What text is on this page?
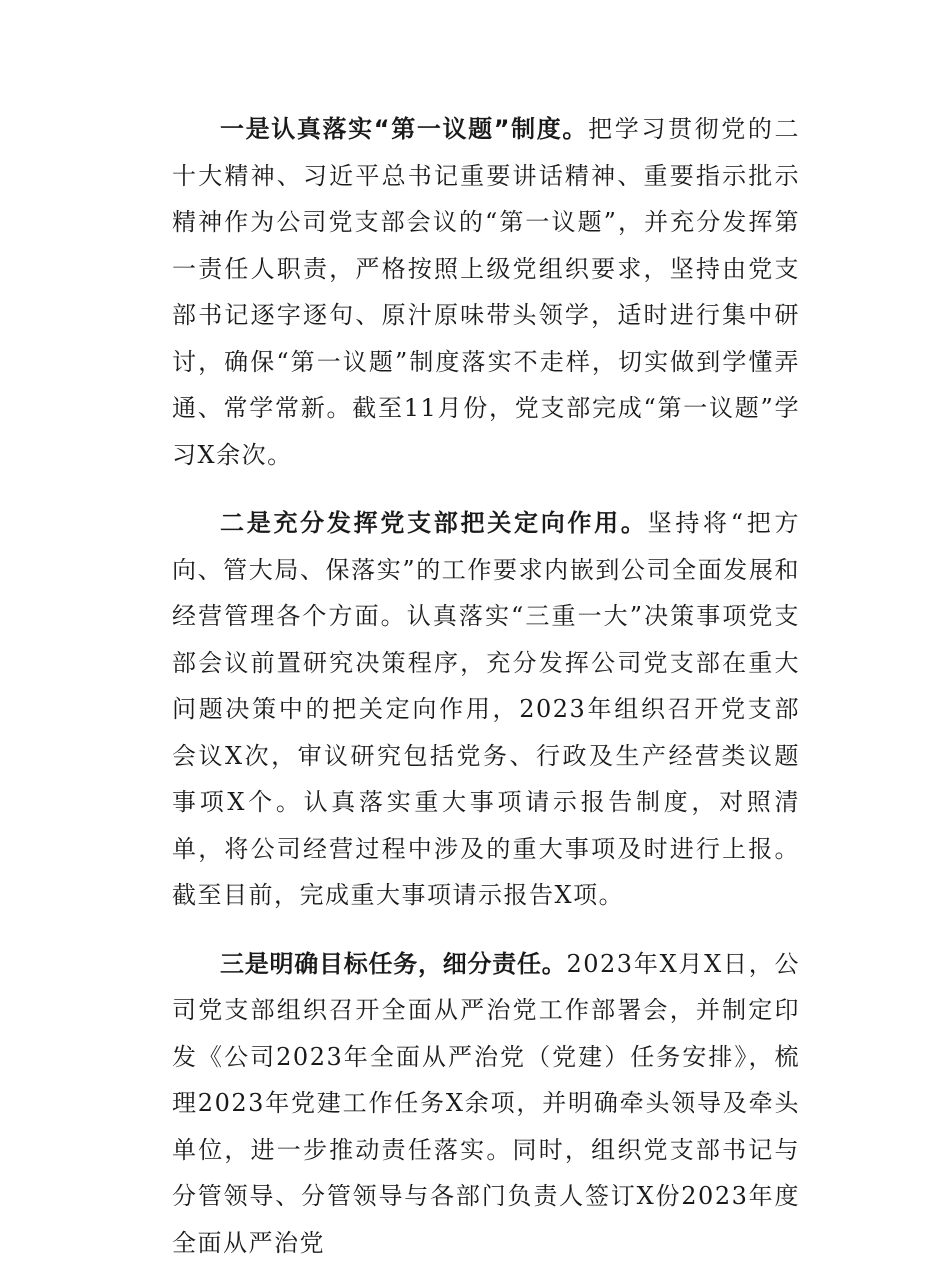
一是认真落实“第一议题”制度。把学习贯彻党的二十大精神、习近平总书记重要讲话精神、重要指示批示精神作为公司党支部会议的“第一议题”，并充分发挥第一责任人职责，严格按照上级党组织要求，坚持由党支部书记逐字逐句、原汁原味带头领学，适时进行集中研讨，确保“第一议题”制度落实不走样，切实做到学懂弄通、常学常新。截至11月份，党支部完成“第一议题”学习X余次。

二是充分发挥党支部把关定向作用。坚持将“把方向、管大局、保落实”的工作要求内嵌到公司全面发展和经营管理各个方面。认真落实“三重一大”决策事项党支部会议前置研究决策程序，充分发挥公司党支部在重大问题决策中的把关定向作用，2023年组织召开党支部会议X次，审议研究包括党务、行政及生产经营类议题事项X个。认真落实重大事项请示报告制度，对照清单，将公司经营过程中涉及的重大事项及时进行上报。截至目前，完成重大事项请示报告X项。

三是明确目标任务，细分责任。2023年X月X日，公司党支部组织召开全面从严治党工作部署会，并制定印发《公司2023年全面从严治党（党建）任务安排》，梳理2023年党建工作任务X余项，并明确牵头领导及牵头单位，进一步推动责任落实。同时，组织党支部书记与分管领导、分管领导与各部门负责人签订X份2023年度全面从严治党
